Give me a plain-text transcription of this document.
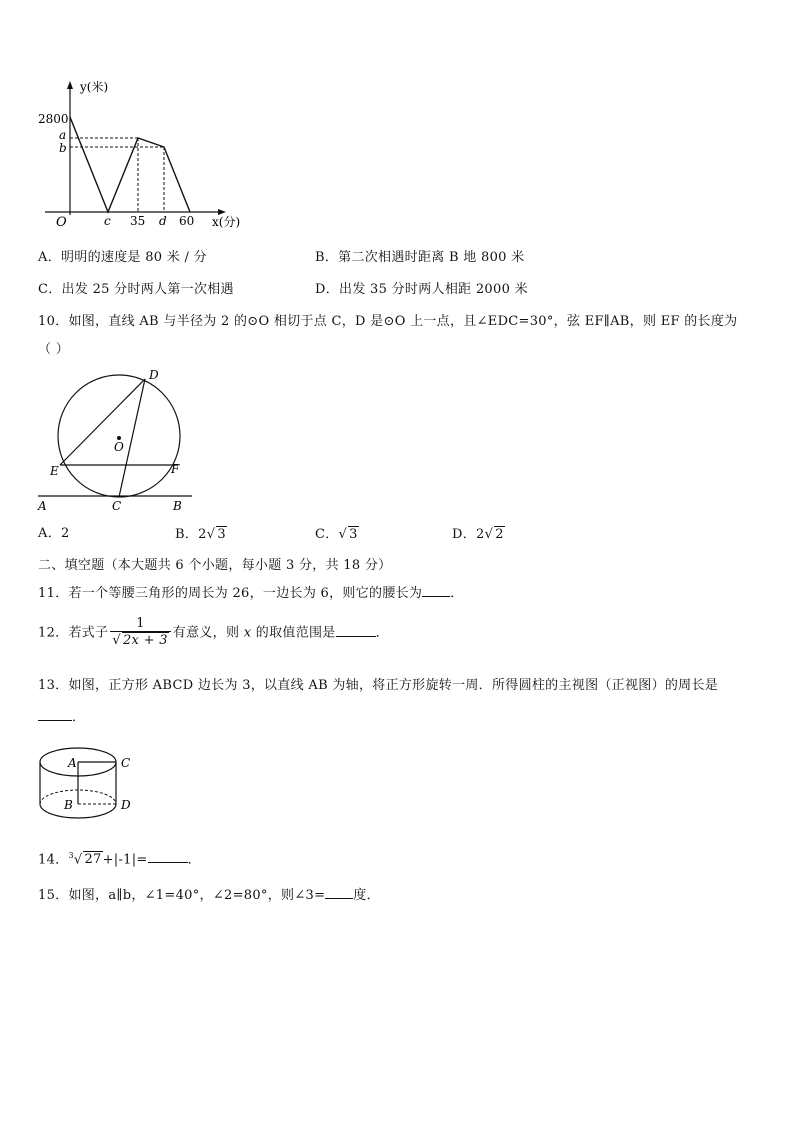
y(米)
2800
a
b
O	c 35 d 60 x(分)
A．明明的速度是 80 米 / 分	B．第二次相遇时距离 B 地 800 米
C．出发 25 分时两人第一次相遇	D．出发 35 分时两人相距 2000 米
10．如图，直线 AB 与半径为 2 的⊙O 相切于点 C，D 是⊙O 上一点，且∠EDC=30°，弦 EF∥AB，则 EF 的长度为
（ ）
D
O
E	F
A	C	B
A．2	B．2√ 3	C．√ 3	D．2√ 2
二、填空题（本大题共 6 个小题，每小题 3 分，共 18 分）
11．若一个等腰三角形的周长为 26，一边长为 6，则它的腰长为 ．
12．若式子 $\frac{1}{√ 2x + 3}$ 有意义，则 x 的取值范围是	．
13．如图，正方形 ABCD 边长为 3，以直线 AB 为轴，将正方形旋转一周．所得圆柱的主视图（正视图）的周长是
．
A	C
B	D
14．$^3$√ 27+|-1|=	．
15．如图，a∥b，∠1=40°，∠2=80°，则∠3= 度．
